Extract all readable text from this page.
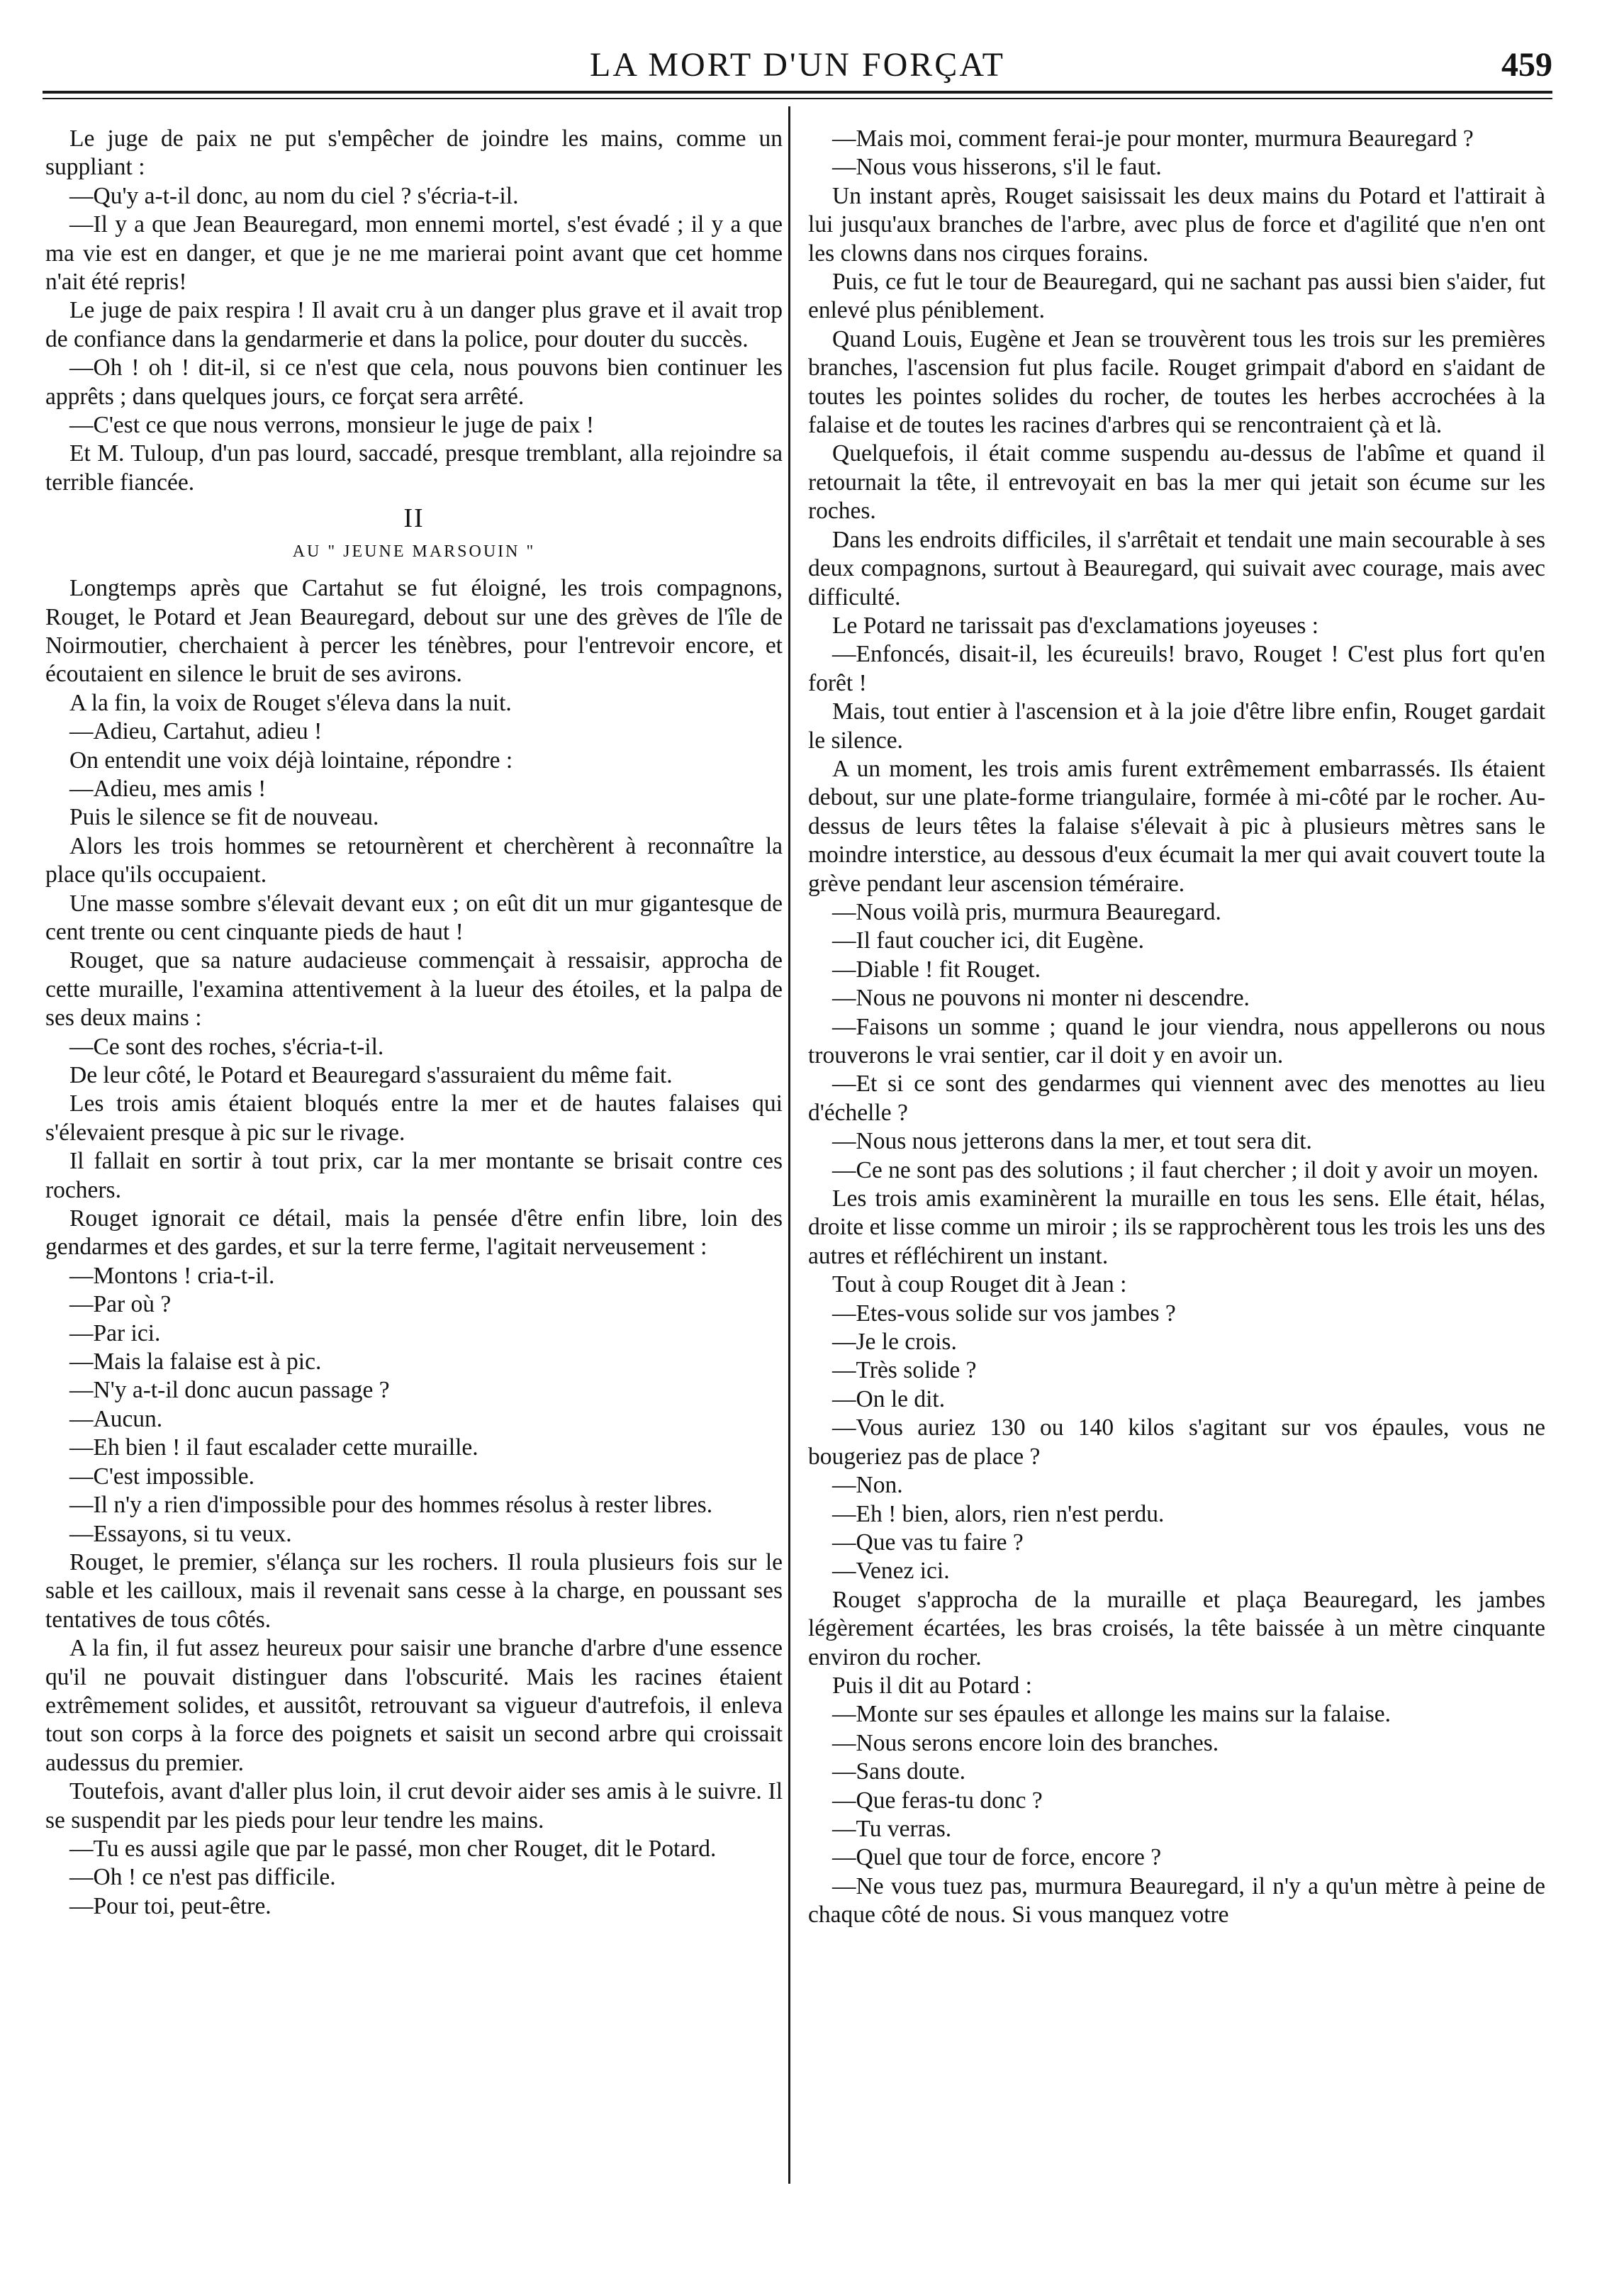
LA MORT D'UN FORÇAT	459

Le juge de paix ne put s'empêcher de joindre les mains, comme un suppliant :

—Qu'y a-t-il donc, au nom du ciel ? s'écria-t-il.

—Il y a que Jean Beauregard, mon ennemi mortel, s'est évadé ; il y a que ma vie est en danger, et que je ne me marierai point avant que cet homme n'ait été repris!

Le juge de paix respira ! Il avait cru à un danger plus grave et il avait trop de confiance dans la gendarmerie et dans la police, pour douter du succès.

—Oh ! oh ! dit-il, si ce n'est que cela, nous pouvons bien continuer les apprêts ; dans quelques jours, ce forçat sera arrêté.

—C'est ce que nous verrons, monsieur le juge de paix !

Et M. Tuloup, d'un pas lourd, saccadé, presque tremblant, alla rejoindre sa terrible fiancée.

II
AU " JEUNE MARSOUIN "

Longtemps après que Cartahut se fut éloigné, les trois compagnons, Rouget, le Potard et Jean Beauregard, debout sur une des grèves de l'île de Noirmoutier, cherchaient à percer les ténèbres, pour l'entrevoir encore, et écoutaient en silence le bruit de ses avirons.

A la fin, la voix de Rouget s'éleva dans la nuit.

—Adieu, Cartahut, adieu !

On entendit une voix déjà lointaine, répondre :

—Adieu, mes amis !

Puis le silence se fit de nouveau.

Alors les trois hommes se retournèrent et cherchèrent à reconnaître la place qu'ils occupaient.

Une masse sombre s'élevait devant eux ; on eût dit un mur gigantesque de cent trente ou cent cinquante pieds de haut !

Rouget, que sa nature audacieuse commençait à ressaisir, approcha de cette muraille, l'examina attentivement à la lueur des étoiles, et la palpa de ses deux mains :

—Ce sont des roches, s'écria-t-il.

De leur côté, le Potard et Beauregard s'assuraient du même fait.

Les trois amis étaient bloqués entre la mer et de hautes falaises qui s'élevaient presque à pic sur le rivage.

Il fallait en sortir à tout prix, car la mer montante se brisait contre ces rochers.

Rouget ignorait ce détail, mais la pensée d'être enfin libre, loin des gendarmes et des gardes, et sur la terre ferme, l'agitait nerveusement :

—Montons ! cria-t-il.

—Par où ?

—Par ici.

—Mais la falaise est à pic.

—N'y a-t-il donc aucun passage ?

—Aucun.

—Eh bien ! il faut escalader cette muraille.

—C'est impossible.

—Il n'y a rien d'impossible pour des hommes résolus à rester libres.

—Essayons, si tu veux.

Rouget, le premier, s'élança sur les rochers. Il roula plusieurs fois sur le sable et les cailloux, mais il revenait sans cesse à la charge, en poussant ses tentatives de tous côtés.

A la fin, il fut assez heureux pour saisir une branche d'arbre d'une essence qu'il ne pouvait distinguer dans l'obscurité. Mais les racines étaient extrêmement solides, et aussitôt, retrouvant sa vigueur d'autrefois, il enleva tout son corps à la force des poignets et saisit un second arbre qui croissait audessus du premier.

Toutefois, avant d'aller plus loin, il crut devoir aider ses amis à le suivre. Il se suspendit par les pieds pour leur tendre les mains.

—Tu es aussi agile que par le passé, mon cher Rouget, dit le Potard.

—Oh ! ce n'est pas difficile.

—Pour toi, peut-être.

—Mais moi, comment ferai-je pour monter, murmura Beauregard ?

—Nous vous hisserons, s'il le faut.

Un instant après, Rouget saisissait les deux mains du Potard et l'attirait à lui jusqu'aux branches de l'arbre, avec plus de force et d'agilité que n'en ont les clowns dans nos cirques forains.

Puis, ce fut le tour de Beauregard, qui ne sachant pas aussi bien s'aider, fut enlevé plus péniblement.

Quand Louis, Eugène et Jean se trouvèrent tous les trois sur les premières branches, l'ascension fut plus facile. Rouget grimpait d'abord en s'aidant de toutes les pointes solides du rocher, de toutes les herbes accrochées à la falaise et de toutes les racines d'arbres qui se rencontraient çà et là.

Quelquefois, il était comme suspendu au-dessus de l'abîme et quand il retournait la tête, il entrevoyait en bas la mer qui jetait son écume sur les roches.

Dans les endroits difficiles, il s'arrêtait et tendait une main secourable à ses deux compagnons, surtout à Beauregard, qui suivait avec courage, mais avec difficulté.

Le Potard ne tarissait pas d'exclamations joyeuses :

—Enfoncés, disait-il, les écureuils! bravo, Rouget ! C'est plus fort qu'en forêt !

Mais, tout entier à l'ascension et à la joie d'être libre enfin, Rouget gardait le silence.

A un moment, les trois amis furent extrêmement embarrassés. Ils étaient debout, sur une plate-forme triangulaire, formée à mi-côté par le rocher. Au-dessus de leurs têtes la falaise s'élevait à pic à plusieurs mètres sans le moindre interstice, au dessous d'eux écumait la mer qui avait couvert toute la grève pendant leur ascension téméraire.

—Nous voilà pris, murmura Beauregard.

—Il faut coucher ici, dit Eugène.

—Diable ! fit Rouget.

—Nous ne pouvons ni monter ni descendre.

—Faisons un somme ; quand le jour viendra, nous appellerons ou nous trouverons le vrai sentier, car il doit y en avoir un.

—Et si ce sont des gendarmes qui viennent avec des menottes au lieu d'échelle ?

—Nous nous jetterons dans la mer, et tout sera dit.

—Ce ne sont pas des solutions ; il faut chercher ; il doit y avoir un moyen.

Les trois amis examinèrent la muraille en tous les sens. Elle était, hélas, droite et lisse comme un miroir ; ils se rapprochèrent tous les trois les uns des autres et réfléchirent un instant.

Tout à coup Rouget dit à Jean :

—Etes-vous solide sur vos jambes ?

—Je le crois.

—Très solide ?

—On le dit.

—Vous auriez 130 ou 140 kilos s'agitant sur vos épaules, vous ne bougeriez pas de place ?

—Non.

—Eh ! bien, alors, rien n'est perdu.

—Que vas tu faire ?

—Venez ici.

Rouget s'approcha de la muraille et plaça Beauregard, les jambes légèrement écartées, les bras croisés, la tête baissée à un mètre cinquante environ du rocher.

Puis il dit au Potard :

—Monte sur ses épaules et allonge les mains sur la falaise.

—Nous serons encore loin des branches.

—Sans doute.

—Que feras-tu donc ?

—Tu verras.

—Quel que tour de force, encore ?

—Ne vous tuez pas, murmura Beauregard, il n'y a qu'un mètre à peine de chaque côté de nous. Si vous manquez votre
